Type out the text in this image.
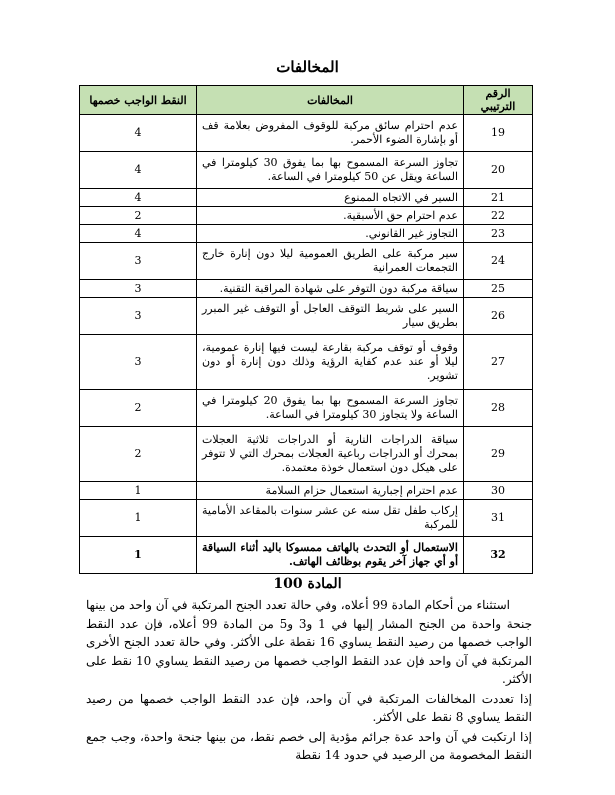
المخالفات
الرقم الترتيبي	المخالفات	النقط الواجب خصمها
19	عدم احترام سائق مركبة للوقوف المفروض بعلامة قف أو بإشارة الضوء الأحمر.	4
20	تجاوز السرعة المسموح بها بما يفوق 30 كيلومترا في الساعة ويقل عن 50 كيلومترا في الساعة.	4
21	السير في الاتجاه الممنوع	4
22	عدم احترام حق الأسبقية.	2
23	التجاوز غير القانوني.	4
24	سير مركبة على الطريق العمومية ليلا دون إنارة خارج التجمعات العمرانية	3
25	سياقة مركبة دون التوفر على شهادة المراقبة التقنية.	3
26	السير على شريط التوقف العاجل أو التوقف غير المبرر بطريق سيار	3
27	وقوف أو توقف مركبة بقارعة ليست فيها إنارة عمومية، ليلا أو عند عدم كفاية الرؤية وذلك دون إنارة أو دون تشوير.	3
28	تجاوز السرعة المسموح بها بما يفوق 20 كيلومترا في الساعة ولا يتجاوز 30 كيلومترا في الساعة.	2
29	سياقة الدراجات النارية أو الدراجات ثلاثية العجلات بمحرك أو الدراجات رباعية العجلات بمحرك التي لا تتوفر على هيكل دون استعمال خوذة معتمدة.	2
30	عدم احترام إجبارية استعمال حزام السلامة	1
31	إركاب طفل تقل سنه عن عشر سنوات بالمقاعد الأمامية للمركبة	1
32	الاستعمال أو التحدث بالهاتف ممسوكا باليد أثناء السياقة أو أي جهاز آخر يقوم بوظائف الهاتف.	1
المادة 100

استثناء من أحكام المادة 99 أعلاه، وفي حالة تعدد الجنح المرتكبة في آن واحد من بينها جنحة واحدة من الجنح المشار إليها في 1 و3 و5 من المادة 99 أعلاه، فإن عدد النقط الواجب خصمها من رصيد النقط يساوي 16 نقطة على الأكثر. وفي حالة تعدد الجنح الأخرى المرتكبة في آن واحد فإن عدد النقط الواجب خصمها من رصيد النقط يساوي 10 نقط على الأكثر.

إذا تعددت المخالفات المرتكبة في آن واحد، فإن عدد النقط الواجب خصمها من رصيد النقط يساوي 8 نقط على الأكثر.

إذا ارتكبت في آن واحد عدة جرائم مؤدية إلى خصم نقط، من بينها جنحة واحدة، وجب جمع النقط المخصومة من الرصيد في حدود 14 نقطة
